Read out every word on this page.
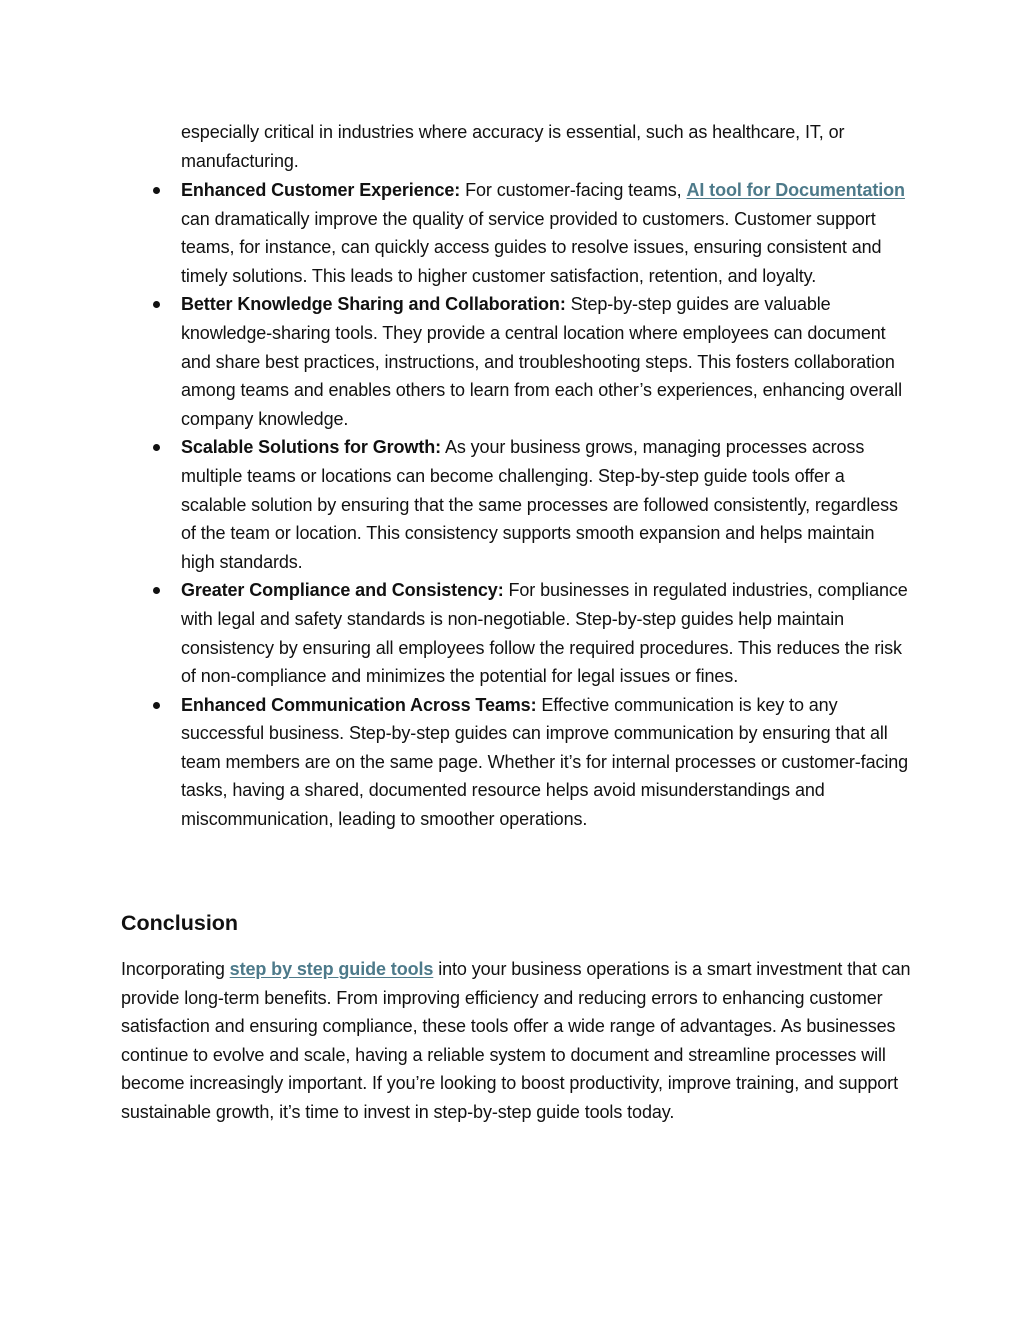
especially critical in industries where accuracy is essential, such as healthcare, IT, or manufacturing.

Enhanced Customer Experience: For customer-facing teams, AI tool for Documentation can dramatically improve the quality of service provided to customers. Customer support teams, for instance, can quickly access guides to resolve issues, ensuring consistent and timely solutions. This leads to higher customer satisfaction, retention, and loyalty.
Better Knowledge Sharing and Collaboration: Step-by-step guides are valuable knowledge-sharing tools. They provide a central location where employees can document and share best practices, instructions, and troubleshooting steps. This fosters collaboration among teams and enables others to learn from each other’s experiences, enhancing overall company knowledge.
Scalable Solutions for Growth: As your business grows, managing processes across multiple teams or locations can become challenging. Step-by-step guide tools offer a scalable solution by ensuring that the same processes are followed consistently, regardless of the team or location. This consistency supports smooth expansion and helps maintain high standards.
Greater Compliance and Consistency: For businesses in regulated industries, compliance with legal and safety standards is non-negotiable. Step-by-step guides help maintain consistency by ensuring all employees follow the required procedures. This reduces the risk of non-compliance and minimizes the potential for legal issues or fines.
Enhanced Communication Across Teams: Effective communication is key to any successful business. Step-by-step guides can improve communication by ensuring that all team members are on the same page. Whether it’s for internal processes or customer-facing tasks, having a shared, documented resource helps avoid misunderstandings and miscommunication, leading to smoother operations.
Conclusion

Incorporating step by step guide tools into your business operations is a smart investment that can provide long-term benefits. From improving efficiency and reducing errors to enhancing customer satisfaction and ensuring compliance, these tools offer a wide range of advantages. As businesses continue to evolve and scale, having a reliable system to document and streamline processes will become increasingly important. If you’re looking to boost productivity, improve training, and support sustainable growth, it’s time to invest in step-by-step guide tools today.
